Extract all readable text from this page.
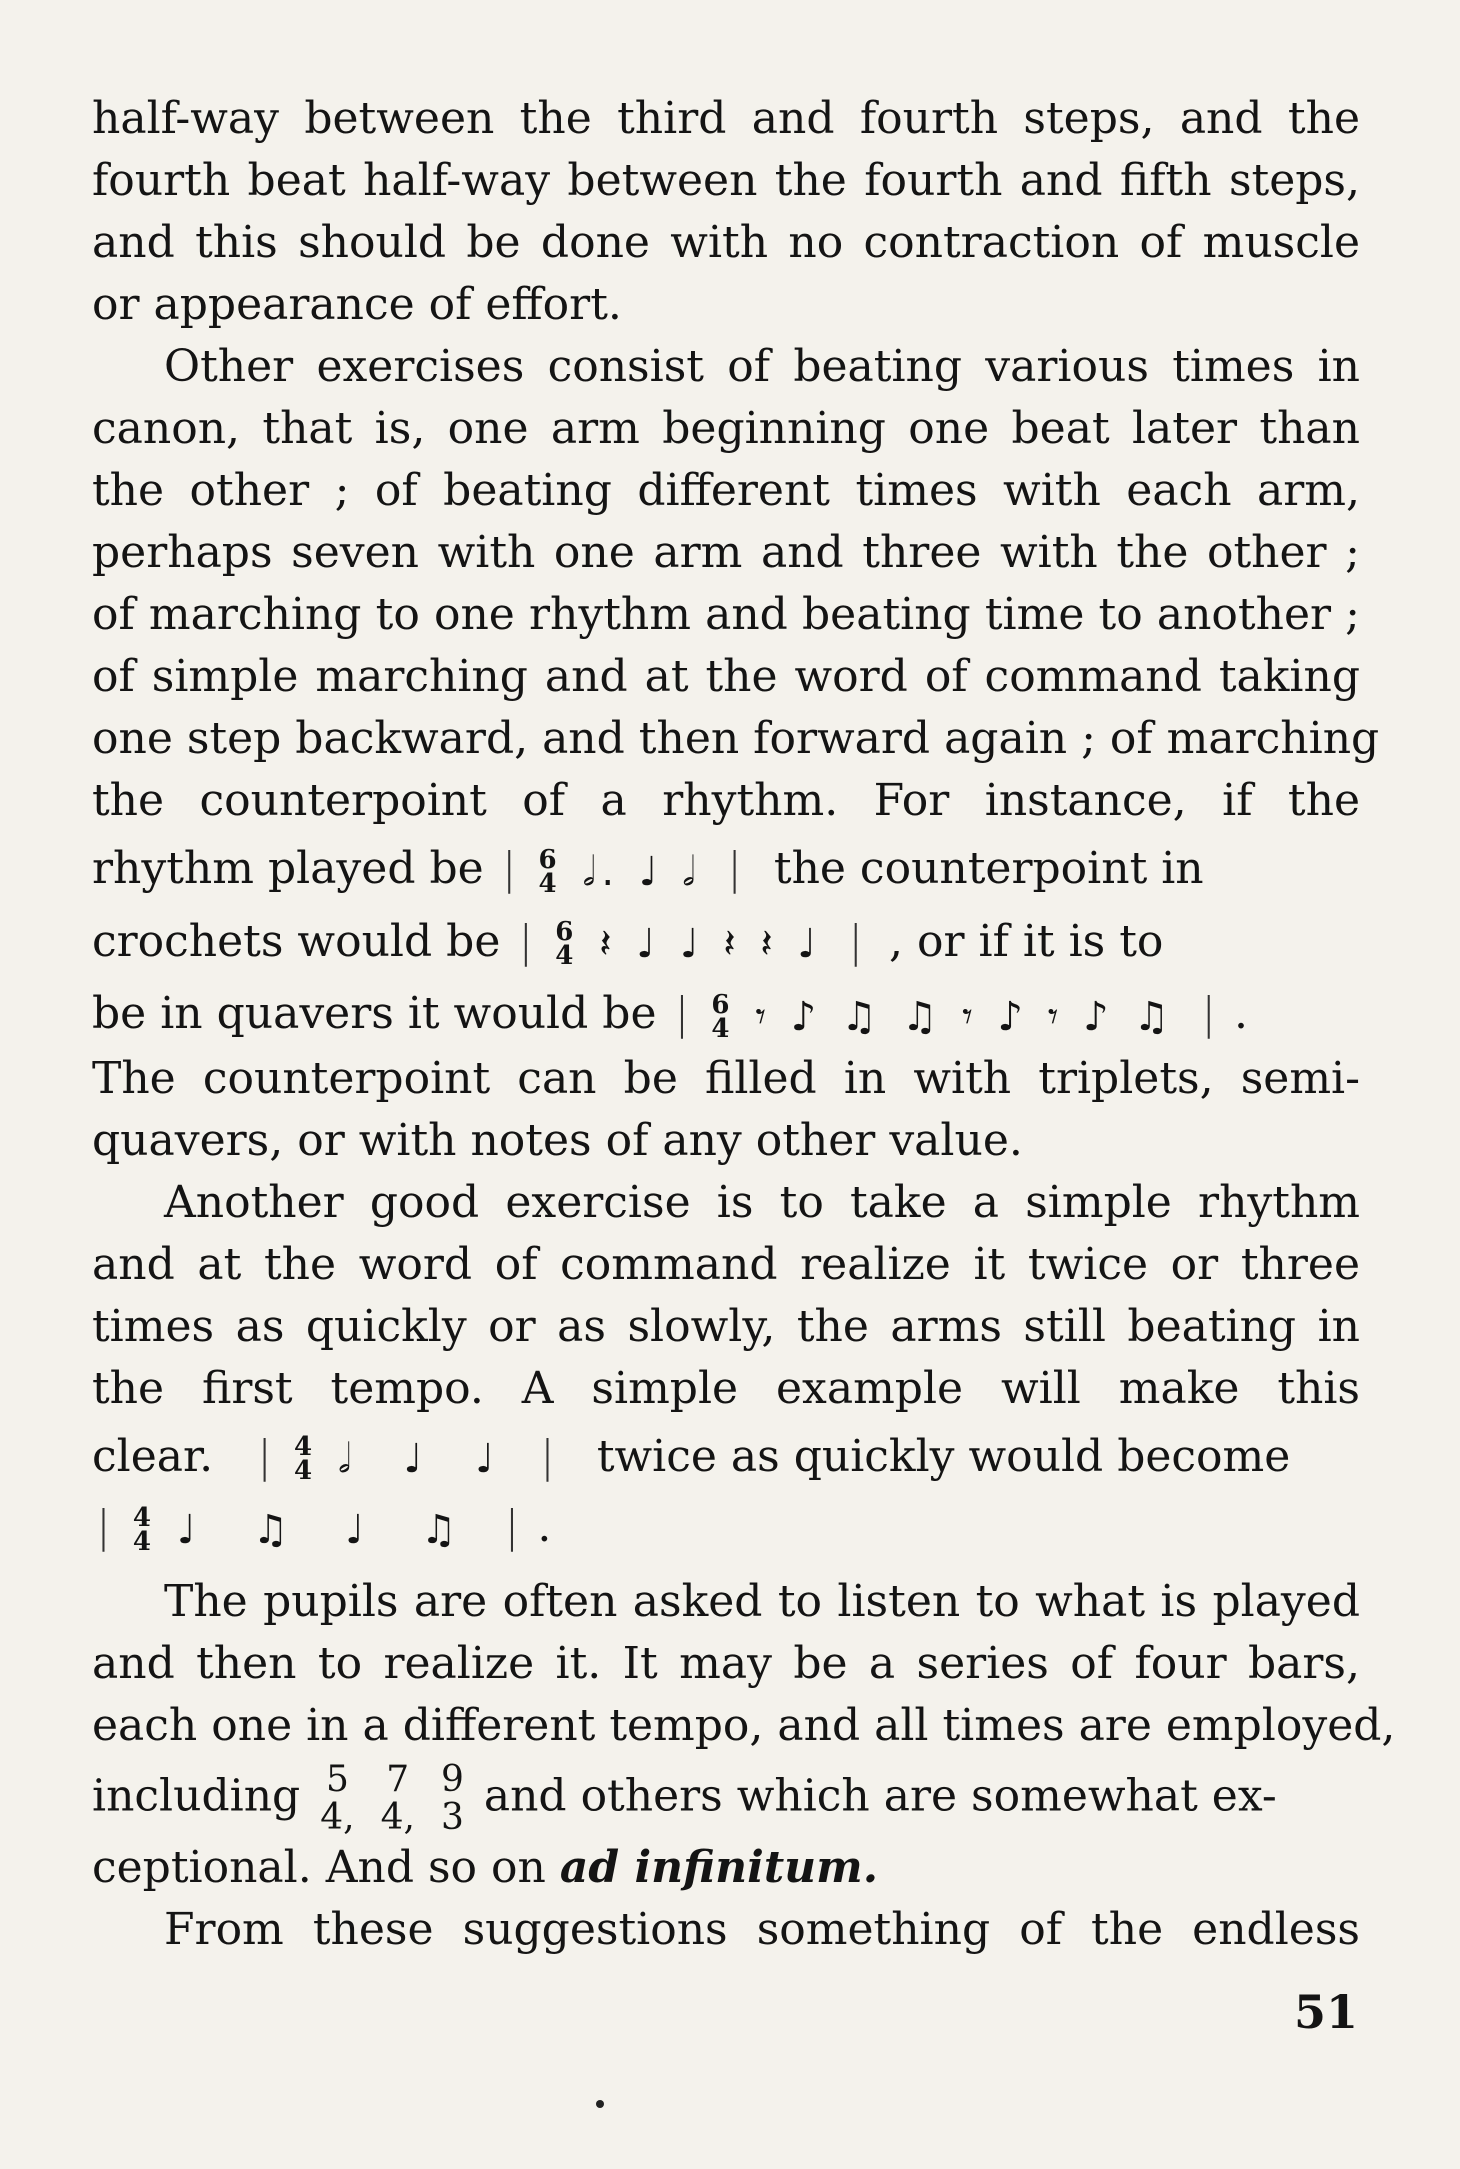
half-way between the third and fourth steps, and the
fourth beat half-way between the fourth and fifth steps,
and this should be done with no contraction of muscle
or appearance of effort.
Other exercises consist of beating various times in
canon, that is, one arm beginning one beat later than
the other ; of beating different times with each arm,
perhaps seven with one arm and three with the other ;
of marching to one rhythm and beating time to another ;
of simple marching and at the word of command taking
one step backward, and then forward again ; of marching
the counterpoint of a rhythm. For instance, if the
rhythm played be | 6
4 𝅗𝅥. ♩ 𝅗𝅥 | the counterpoint in
crochets would be | 6
4 𝄽 ♩ ♩ 𝄽 𝄽 ♩ | , or if it is to
be in quavers it would be | 6
4 𝄾 ♪ ♫ ♫ 𝄾 ♪ 𝄾 ♪ ♫ | .
The counterpoint can be filled in with triplets, semi-
quavers, or with notes of any other value.
Another good exercise is to take a simple rhythm
and at the word of command realize it twice or three
times as quickly or as slowly, the arms still beating in
the first tempo. A simple example will make this
clear. | 4
4 𝅗𝅥 ♩ ♩ | twice as quickly would become
| 4
4 ♩ ♫ ♩ ♫ | .
The pupils are often asked to listen to what is played
and then to realize it. It may be a series of four bars,
each one in a different tempo, and all times are employed,
including 5
4,

7
4,

9
3 and others which are somewhat ex-
ceptional. And so on ad infinitum.
From these suggestions something of the endless
51
